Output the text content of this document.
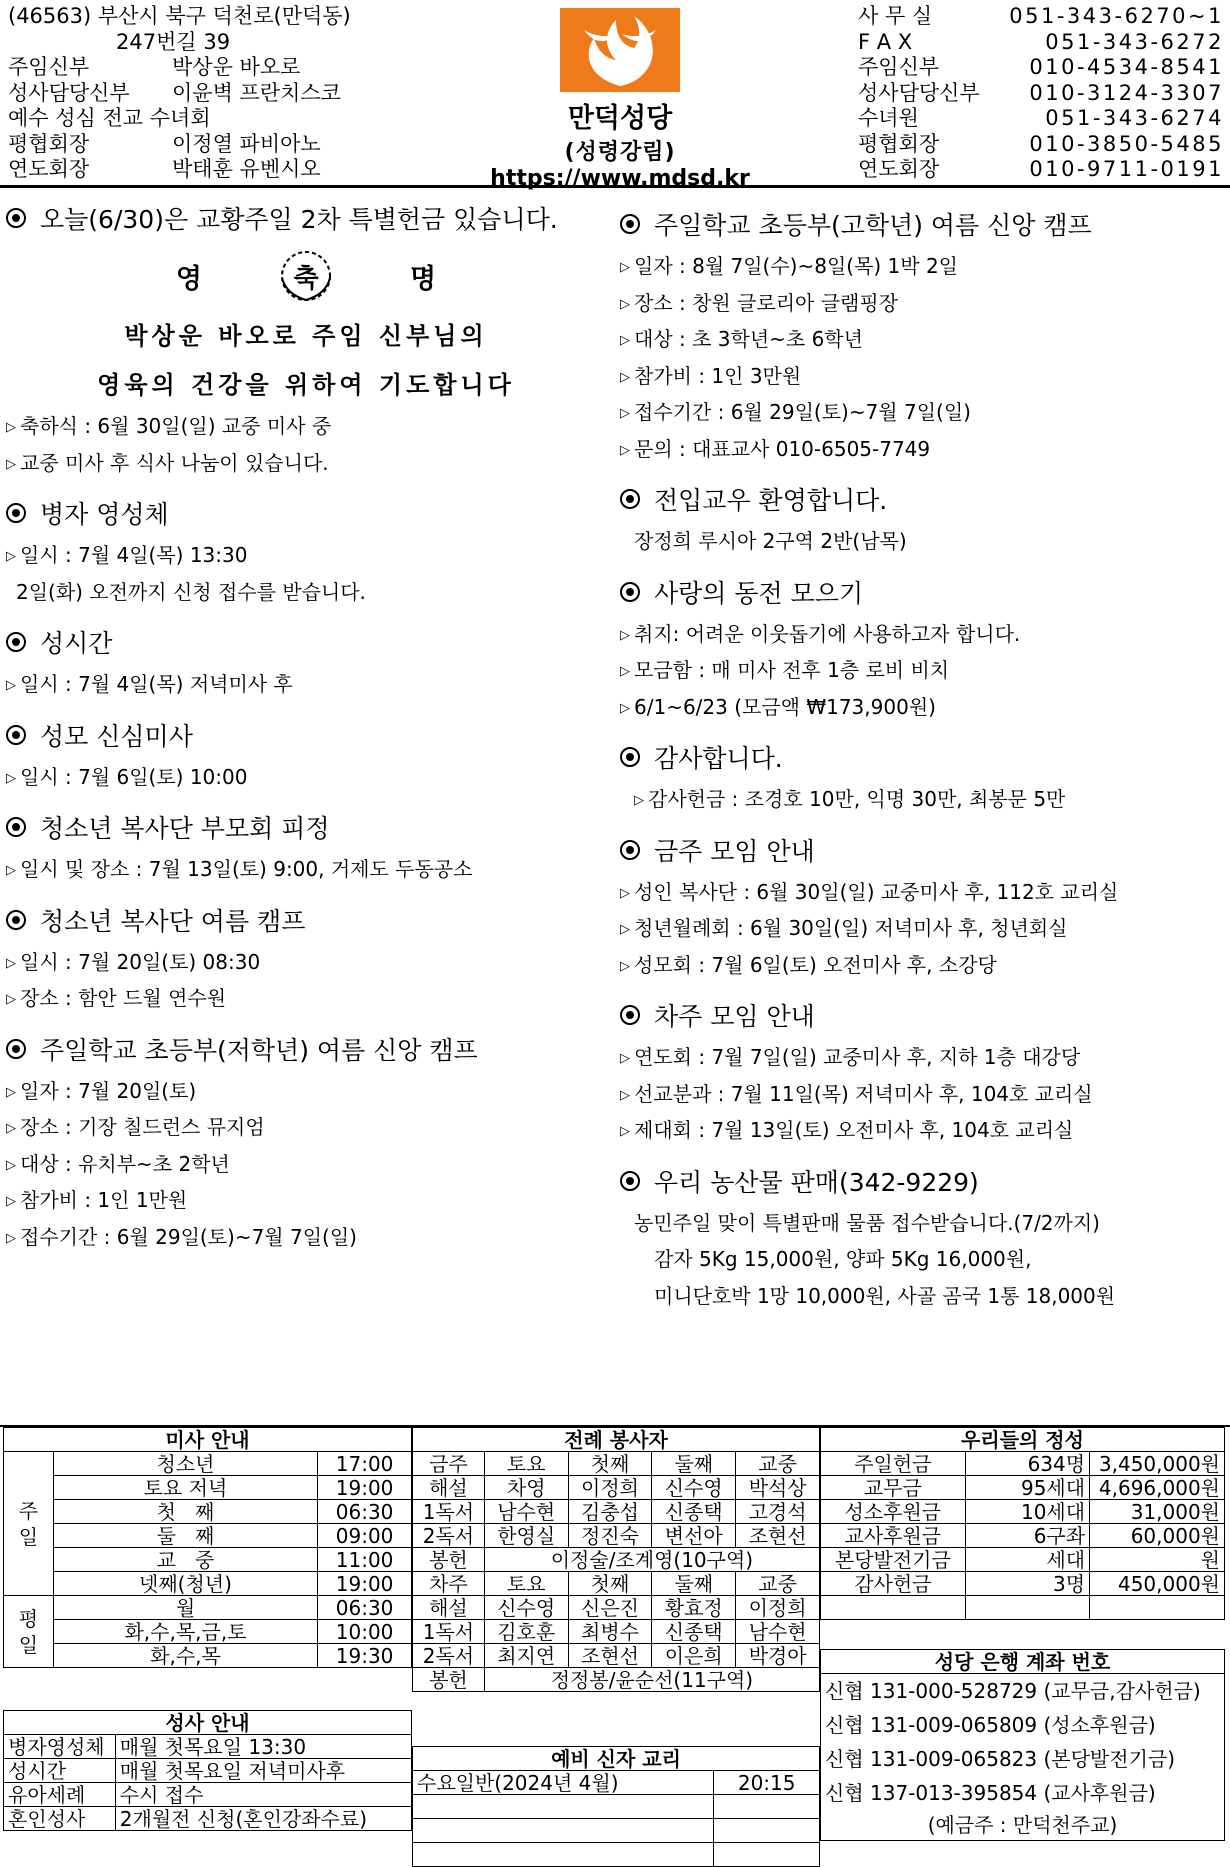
(46563) 부산시 북구 덕천로(만덕동)
247번길 39
주임신부	박상운 바오로
성사담당신부	이윤벽 프란치스코
예수 성심 전교 수녀회
평협회장	이정열 파비아노
연도회장	박태훈 유벤시오
만덕성당
(성령강림)
https://www.mdsd.kr
사 무 실	051-343-6270~1
F A X	051-343-6272
주임신부	010-4534-8541
성사담당신부	010-3124-3307
수녀원	051-343-6274
평협회장	010-3850-5485
연도회장	010-9711-0191
오늘(6/30)은 교황주일 2차 특별헌금 있습니다.
영	축	명
박상운 바오로 주임 신부님의
영육의 건강을 위하여 기도합니다
▷ 축하식 : 6월 30일(일) 교중 미사 중
▷ 교중 미사 후 식사 나눔이 있습니다.
병자 영성체
▷ 일시 : 7월 4일(목) 13:30
2일(화) 오전까지 신청 접수를 받습니다.
성시간
▷ 일시 : 7월 4일(목) 저녁미사 후
성모 신심미사
▷ 일시 : 7월 6일(토) 10:00
청소년 복사단 부모회 피정
▷ 일시 및 장소 : 7월 13일(토) 9:00, 거제도 두동공소
청소년 복사단 여름 캠프
▷ 일시 : 7월 20일(토) 08:30
▷ 장소 : 함안 드월 연수원
주일학교 초등부(저학년) 여름 신앙 캠프
▷ 일자 : 7월 20일(토)
▷ 장소 : 기장 칠드런스 뮤지엄
▷ 대상 : 유치부~초 2학년
▷ 참가비 : 1인 1만원
▷ 접수기간 : 6월 29일(토)~7월 7일(일)
주일학교 초등부(고학년) 여름 신앙 캠프
▷ 일자 : 8월 7일(수)~8일(목) 1박 2일
▷ 장소 : 창원 글로리아 글램핑장
▷ 대상 : 초 3학년~초 6학년
▷ 참가비 : 1인 3만원
▷ 접수기간 : 6월 29일(토)~7월 7일(일)
▷ 문의 : 대표교사 010-6505-7749
전입교우 환영합니다.
장정희 루시아 2구역 2반(남목)
사랑의 동전 모으기
▷ 취지: 어려운 이웃돕기에 사용하고자 합니다.
▷ 모금함 : 매 미사 전후 1층 로비 비치
▷ 6/1~6/23 (모금액 ₩173,900원)
감사합니다.
▷ 감사헌금 : 조경호 10만, 익명 30만, 최봉문 5만
금주 모임 안내
▷ 성인 복사단 : 6월 30일(일) 교중미사 후, 112호 교리실
▷ 청년월례회 : 6월 30일(일) 저녁미사 후, 청년회실
▷ 성모회 : 7월 6일(토) 오전미사 후, 소강당
차주 모임 안내
▷ 연도회 : 7월 7일(일) 교중미사 후, 지하 1층 대강당
▷ 선교분과 : 7월 11일(목) 저녁미사 후, 104호 교리실
▷ 제대회 : 7월 13일(토) 오전미사 후, 104호 교리실
우리 농산물 판매(342-9229)
농민주일 맞이 특별판매 물품 접수받습니다.(7/2까지)
감자 5Kg 15,000원, 양파 5Kg 16,000원,
미니단호박 1망 10,000원, 사골 곰국 1통 18,000원
미사 안내		
주
일	청소년	17:00
	토요 저녁	19:00
	첫   째	06:30
	둘   째	09:00
	교   중	11:00
	넷째(청년)	19:00
평
일	월	06:30
	화,수,목,금,토	10:00
	화,수,목	19:30
성사 안내	
병자영성체	매월 첫목요일 13:30
성시간	매월 첫목요일 저녁미사후
유아세례	수시 접수
혼인성사	2개월전 신청(혼인강좌수료)
전례 봉사자				
금주	토요	첫째	둘째	교중
해설	차영	이정희	신수영	박석상
1독서	남수현	김충섭	신종택	고경석
2독서	한영실	정진숙	변선아	조현선
봉헌	이정술/조계영(10구역)			
차주	토요	첫째	둘째	교중
해설	신수영	신은진	황효정	이정희
1독서	김호훈	최병수	신종택	남수현
2독서	최지연	조현선	이은희	박경아
봉헌	정정봉/윤순선(11구역)			
예비 신자 교리	
수요일반(2024년 4월)	20:15

우리들의 정성		
주일헌금	634명	3,450,000원
교무금	95세대	4,696,000원
성소후원금	10세대	31,000원
교사후원금	6구좌	60,000원
본당발전기금	세대	원
감사헌금	3명	450,000원

성당 은행 계좌 번호
신협 131-000-528729 (교무금,감사헌금)
신협 131-009-065809 (성소후원금)
신협 131-009-065823 (본당발전기금)
신협 137-013-395854 (교사후원금)
(예금주 : 만덕천주교)
